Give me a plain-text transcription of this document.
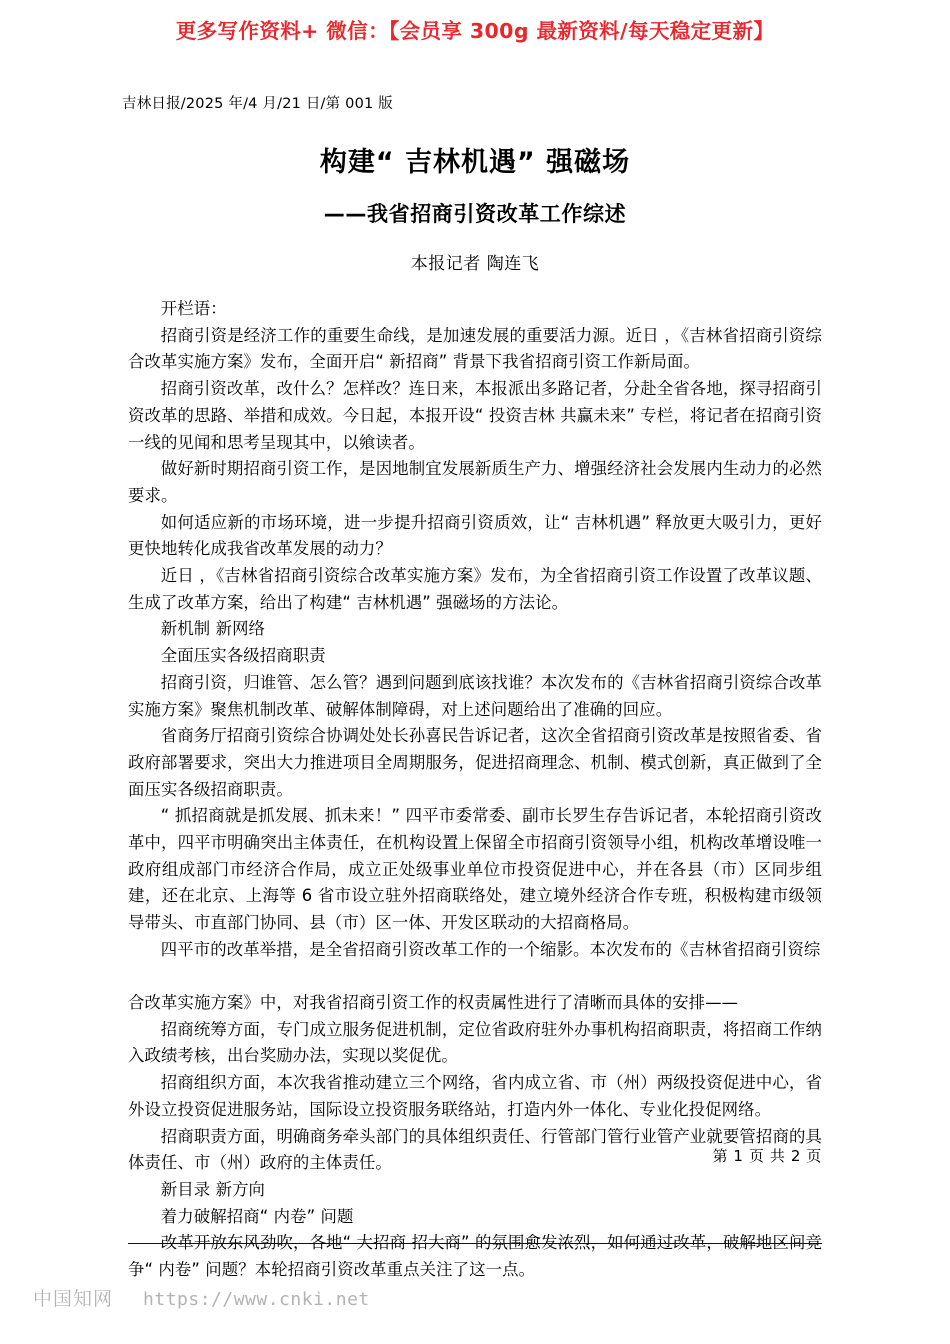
更多写作资料+ 微信：【会员享 300g 最新资料/每天稳定更新】
吉林日报/2025 年/4 月/21 日/第 001 版
构建“ 吉林机遇” 强磁场
——我省招商引资改革工作综述
本报记者 陶连飞

开栏语：

招商引资是经济工作的重要生命线，是加速发展的重要活力源。近日 ，《吉林省招商引资综合改革实施方案》发布，全面开启“ 新招商” 背景下我省招商引资工作新局面。

招商引资改革，改什么？怎样改？连日来，本报派出多路记者，分赴全省各地，探寻招商引资改革的思路、举措和成效。今日起，本报开设“ 投资吉林 共赢未来” 专栏，将记者在招商引资一线的见闻和思考呈现其中，以飨读者。

做好新时期招商引资工作，是因地制宜发展新质生产力、增强经济社会发展内生动力的必然要求。

如何适应新的市场环境，进一步提升招商引资质效，让“ 吉林机遇” 释放更大吸引力，更好更快地转化成我省改革发展的动力？

近日 ，《吉林省招商引资综合改革实施方案》发布，为全省招商引资工作设置了改革议题、生成了改革方案，给出了构建“ 吉林机遇” 强磁场的方法论。

新机制 新网络

全面压实各级招商职责

招商引资，归谁管、怎么管？遇到问题到底该找谁？本次发布的《吉林省招商引资综合改革实施方案》聚焦机制改革、破解体制障碍，对上述问题给出了准确的回应。

省商务厅招商引资综合协调处处长孙喜民告诉记者，这次全省招商引资改革是按照省委、省政府部署要求，突出大力推进项目全周期服务，促进招商理念、机制、模式创新，真正做到了全面压实各级招商职责。

“ 抓招商就是抓发展、抓未来！” 四平市委常委、副市长罗生存告诉记者，本轮招商引资改革中，四平市明确突出主体责任，在机构设置上保留全市招商引资领导小组，机构改革增设唯一政府组成部门市经济合作局，成立正处级事业单位市投资促进中心，并在各县（市）区同步组建，还在北京、上海等 6 省市设立驻外招商联络处，建立境外经济合作专班，积极构建市级领导带头、市直部门协同、县（市）区一体、开发区联动的大招商格局。

四平市的改革举措，是全省招商引资改革工作的一个缩影。本次发布的《吉林省招商引资综

合改革实施方案》中，对我省招商引资工作的权责属性进行了清晰而具体的安排——

招商统筹方面，专门成立服务促进机制，定位省政府驻外办事机构招商职责，将招商工作纳入政绩考核，出台奖励办法，实现以奖促优。

招商组织方面，本次我省推动建立三个网络，省内成立省、市（州）两级投资促进中心，省外设立投资促进服务站，国际设立投资服务联络站，打造内外一体化、专业化投促网络。

招商职责方面，明确商务牵头部门的具体组织责任、行管部门管行业管产业就要管招商的具体责任、市（州）政府的主体责任。

新目录 新方向

着力破解招商“ 内卷” 问题

改革开放东风劲吹，各地“ 大招商 招大商” 的氛围愈发浓烈，如何通过改革，破解地区间竞争“ 内卷” 问题？本轮招商引资改革重点关注了这一点。

第 1 页 共 2 页
中国知网 https://www.cnki.net
